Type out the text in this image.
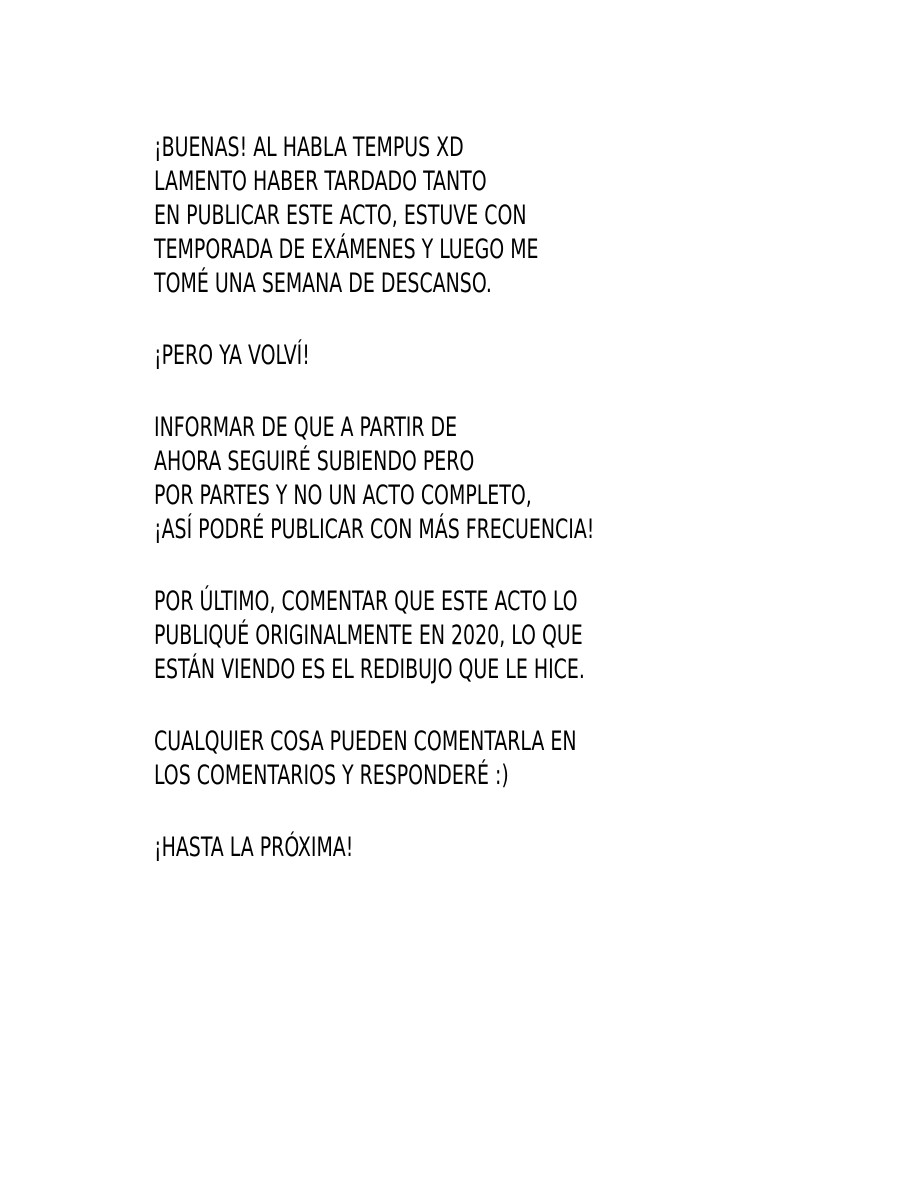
¡BUENAS! AL HABLA TEMPUS XD
LAMENTO HABER TARDADO TANTO
EN PUBLICAR ESTE ACTO, ESTUVE CON
TEMPORADA DE EXÁMENES Y LUEGO ME
TOMÉ UNA SEMANA DE DESCANSO.
¡PERO YA VOLVÍ!
INFORMAR DE QUE A PARTIR DE
AHORA SEGUIRÉ SUBIENDO PERO
POR PARTES Y NO UN ACTO COMPLETO,
¡ASÍ PODRÉ PUBLICAR CON MÁS FRECUENCIA!
POR ÚLTIMO, COMENTAR QUE ESTE ACTO LO
PUBLIQUÉ ORIGINALMENTE EN 2020, LO QUE
ESTÁN VIENDO ES EL REDIBUJO QUE LE HICE.
CUALQUIER COSA PUEDEN COMENTARLA EN
LOS COMENTARIOS Y RESPONDERÉ :)
¡HASTA LA PRÓXIMA!
